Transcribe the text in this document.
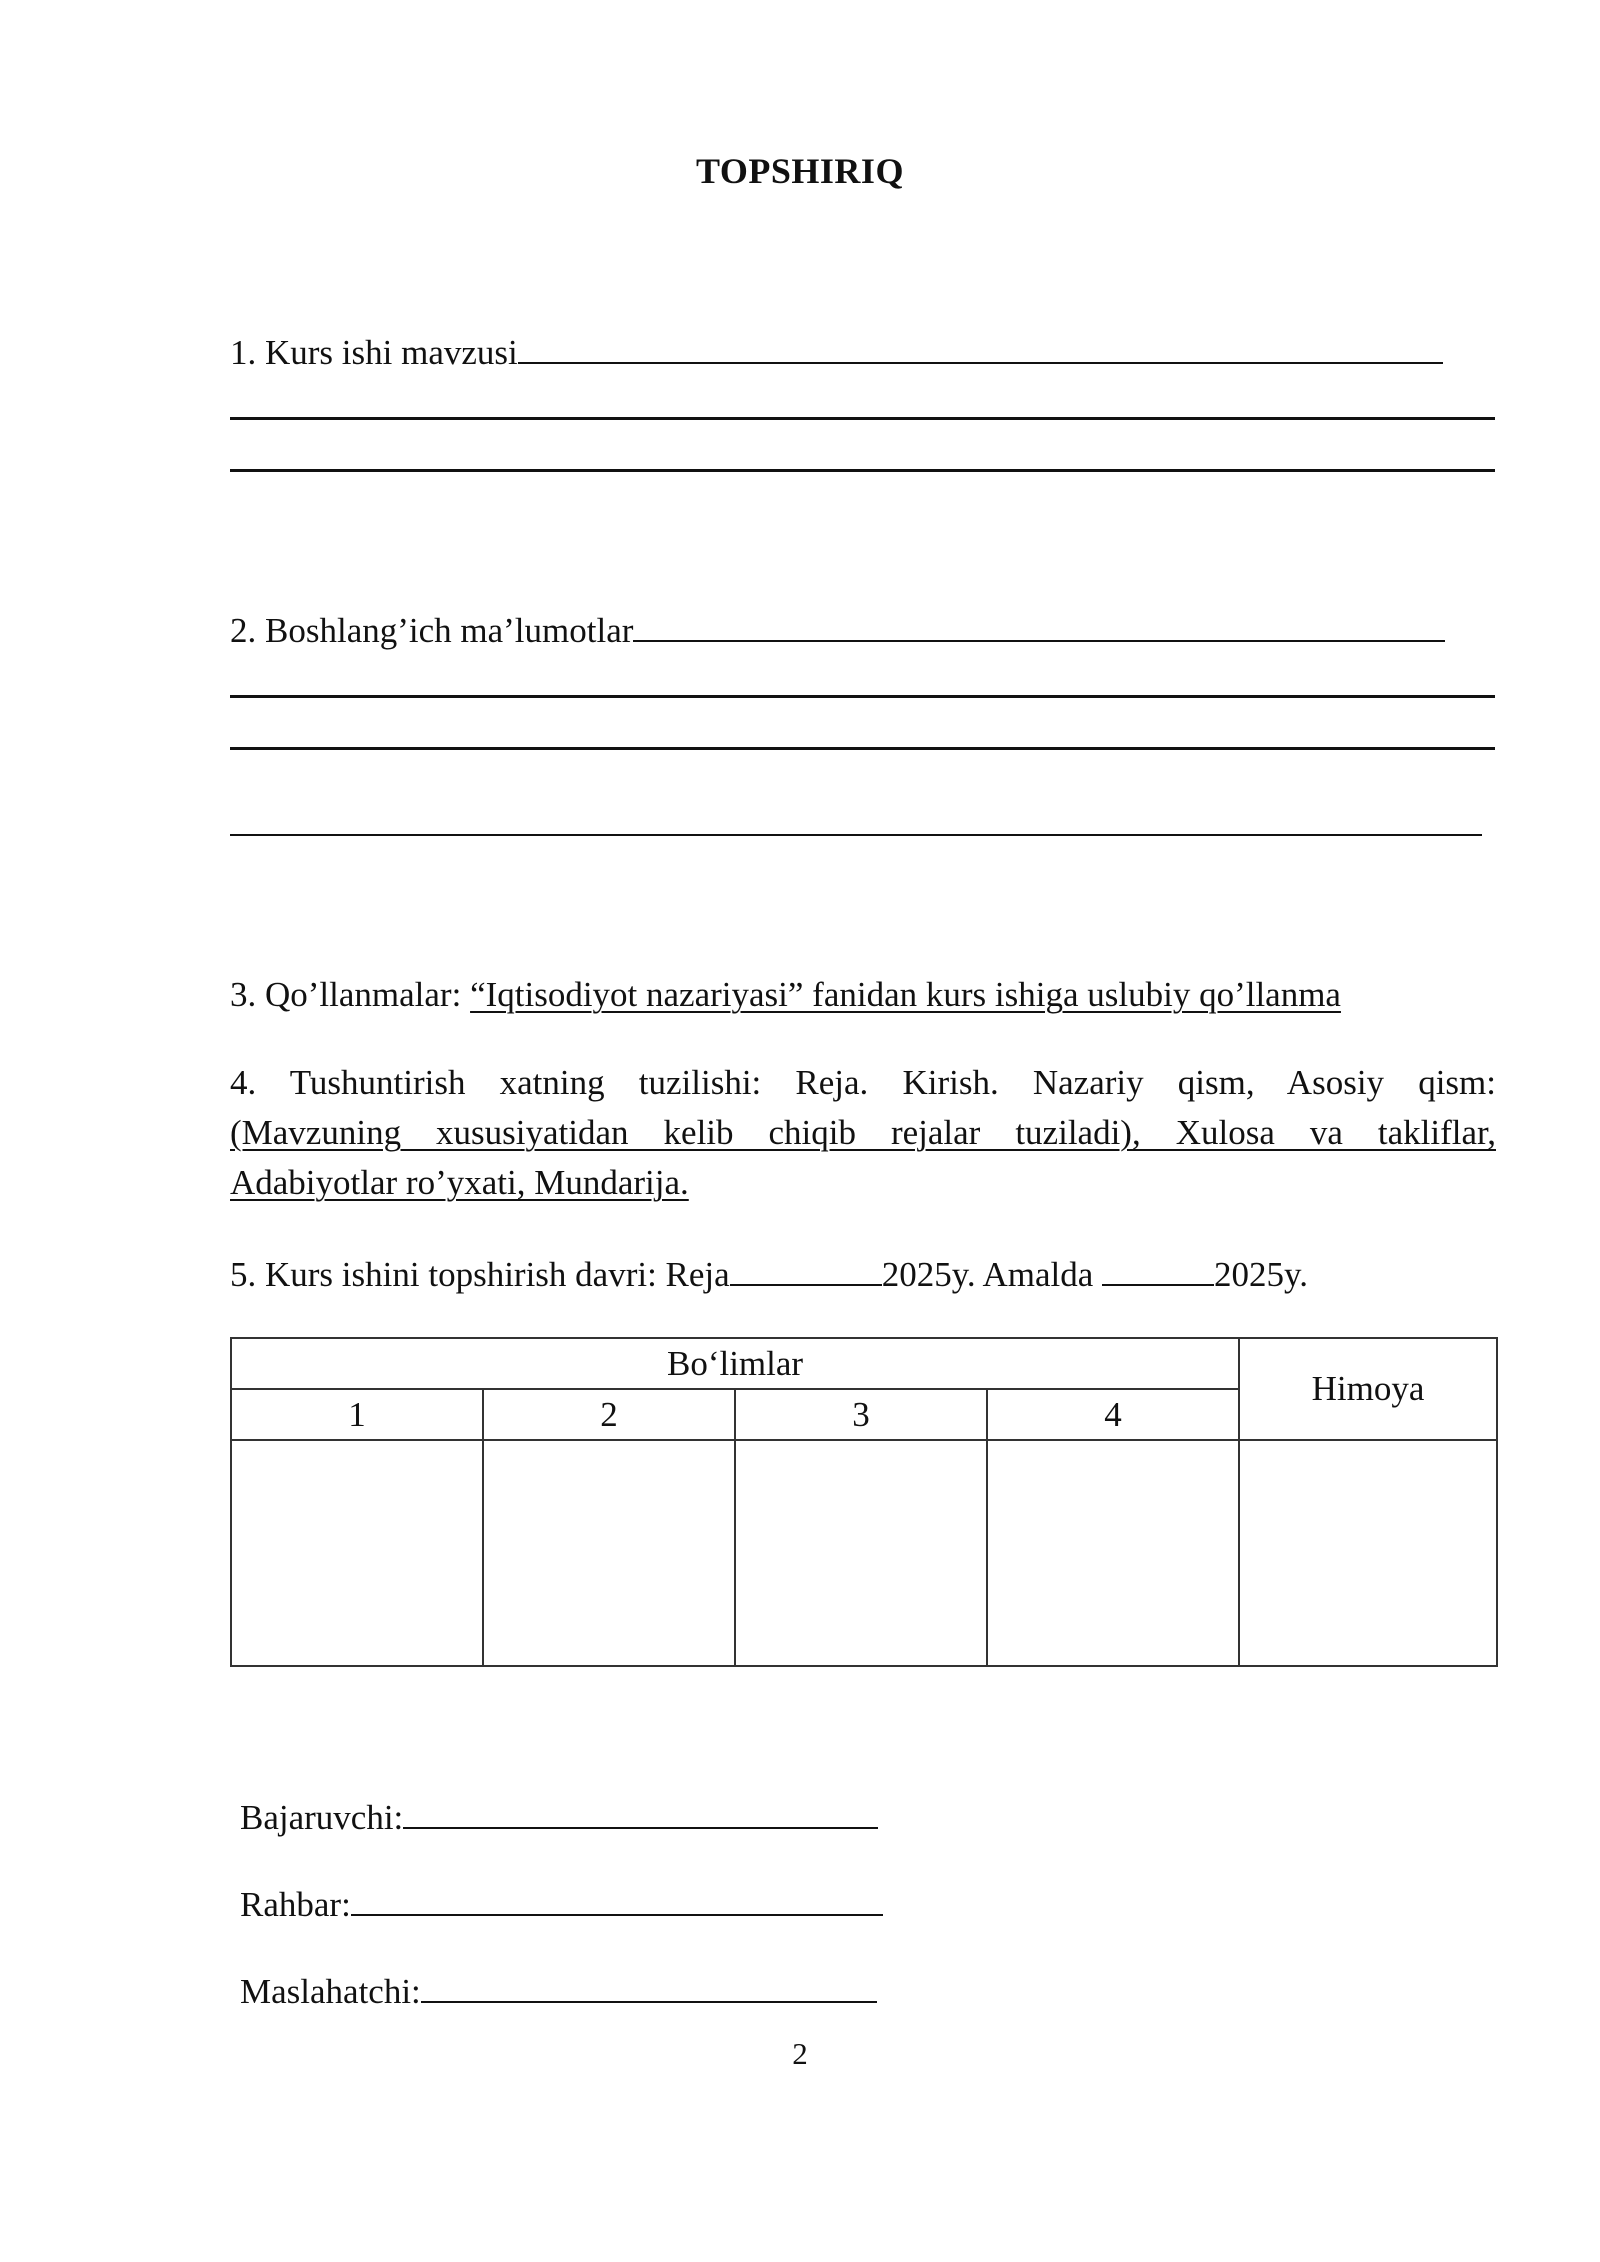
TOPSHIRIQ
1. Kurs ishi mavzusi
2. Boshlang’ich ma’lumotlar
3. Qo’llanmalar: “Iqtisodiyot nazariyasi” fanidan kurs ishiga uslubiy qo’llanma
4. Tushuntirish xatning tuzilishi: Reja. Kirish. Nazariy qism, Asosiy qism:
(Mavzuning xususiyatidan kelib chiqib rejalar tuziladi), Xulosa va takliflar,
Adabiyotlar ro’yxati, Mundarija.
5. Kurs ishini topshirish davri: Reja	2025y. Amalda	2025y.
Bo‘limlar				Himoya
1	2	3	4	

Bajaruvchi:
Rahbar:
Maslahatchi:
2
